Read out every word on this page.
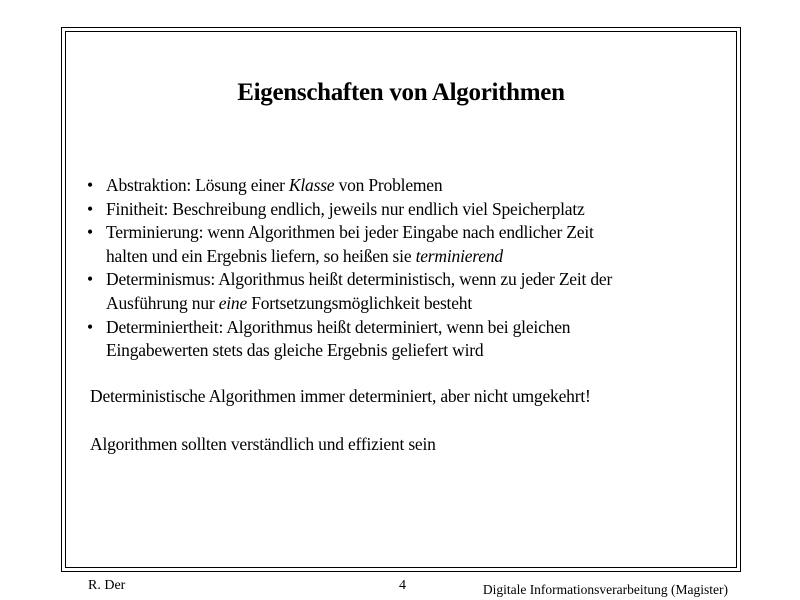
Eigenschaften von Algorithmen
• Abstraktion: Lösung einer Klasse von Problemen
• Finitheit: Beschreibung endlich, jeweils nur endlich viel Speicherplatz
• Terminierung: wenn Algorithmen bei jeder Eingabe nach endlicher Zeit
halten und ein Ergebnis liefern, so heißen sie terminierend
• Determinismus: Algorithmus heißt deterministisch, wenn zu jeder Zeit der
Ausführung nur eine Fortsetzungsmöglichkeit besteht
• Determiniertheit: Algorithmus heißt determiniert, wenn bei gleichen
Eingabewerten stets das gleiche Ergebnis geliefert wird
Deterministische Algorithmen immer determiniert, aber nicht umgekehrt!
Algorithmen sollten verständlich und effizient sein
R. Der	4	Digitale Informationsverarbeitung (Magister)
